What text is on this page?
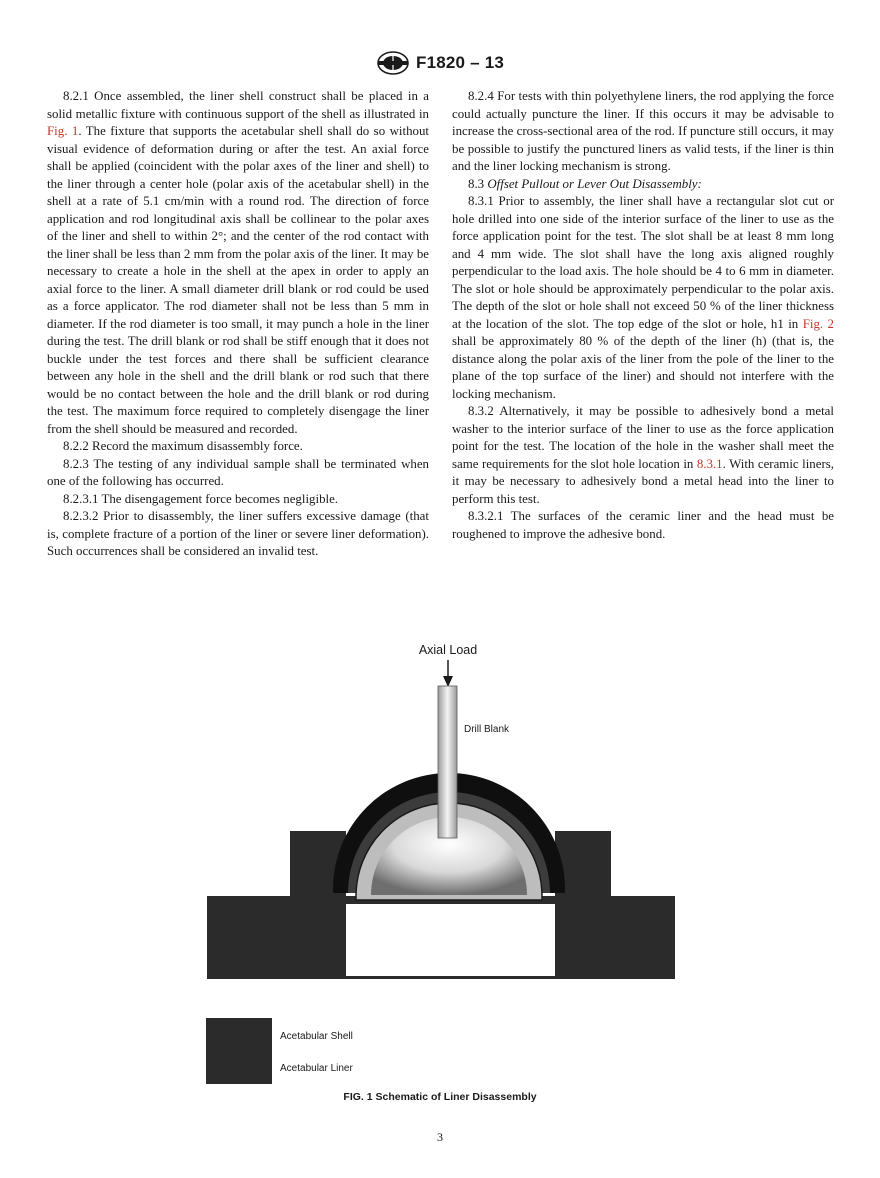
F1820 – 13

8.2.1 Once assembled, the liner shell construct shall be placed in a solid metallic fixture with continuous support of the shell as illustrated in Fig. 1. The fixture that supports the acetabular shell shall do so without visual evidence of deformation during or after the test. An axial force shall be applied (coincident with the polar axes of the liner and shell) to the liner through a center hole (polar axis of the acetabular shell) in the shell at a rate of 5.1 cm/min with a round rod. The direction of force application and rod longitudinal axis shall be collinear to the polar axes of the liner and shell to within 2°; and the center of the rod contact with the liner shall be less than 2 mm from the polar axis of the liner. It may be necessary to create a hole in the shell at the apex in order to apply an axial force to the liner. A small diameter drill blank or rod could be used as a force applicator. The rod diameter shall not be less than 5 mm in diameter. If the rod diameter is too small, it may punch a hole in the liner during the test. The drill blank or rod shall be stiff enough that it does not buckle under the test forces and there shall be sufficient clearance between any hole in the shell and the drill blank or rod such that there would be no contact between the hole and the drill blank or rod during the test. The maximum force required to completely disengage the liner from the shell should be measured and recorded.

8.2.2 Record the maximum disassembly force.

8.2.3 The testing of any individual sample shall be terminated when one of the following has occurred.

8.2.3.1 The disengagement force becomes negligible.

8.2.3.2 Prior to disassembly, the liner suffers excessive damage (that is, complete fracture of a portion of the liner or severe liner deformation). Such occurrences shall be considered an invalid test.

8.2.4 For tests with thin polyethylene liners, the rod applying the force could actually puncture the liner. If this occurs it may be advisable to increase the cross-sectional area of the rod. If puncture still occurs, it may be possible to justify the punctured liners as valid tests, if the liner is thin and the liner locking mechanism is strong.

8.3 Offset Pullout or Lever Out Disassembly:

8.3.1 Prior to assembly, the liner shall have a rectangular slot cut or hole drilled into one side of the interior surface of the liner to use as the force application point for the test. The slot shall be at least 8 mm long and 4 mm wide. The slot shall have the long axis aligned roughly perpendicular to the load axis. The hole should be 4 to 6 mm in diameter. The slot or hole should be approximately perpendicular to the polar axis. The depth of the slot or hole shall not exceed 50 % of the liner thickness at the location of the slot. The top edge of the slot or hole, h1 in Fig. 2 shall be approximately 80 % of the depth of the liner (h) (that is, the distance along the polar axis of the liner from the pole of the liner to the plane of the top surface of the liner) and should not interfere with the locking mechanism.

8.3.2 Alternatively, it may be possible to adhesively bond a metal washer to the interior surface of the liner to use as the force application point for the test. The location of the hole in the washer shall meet the same requirements for the slot hole location in 8.3.1. With ceramic liners, it may be necessary to adhesively bond a metal head into the liner to perform this test.

8.3.2.1 The surfaces of the ceramic liner and the head must be roughened to improve the adhesive bond.

Axial Load
Drill Blank
Acetabular Shell
Acetabular Liner
FIG. 1 Schematic of Liner Disassembly
3
